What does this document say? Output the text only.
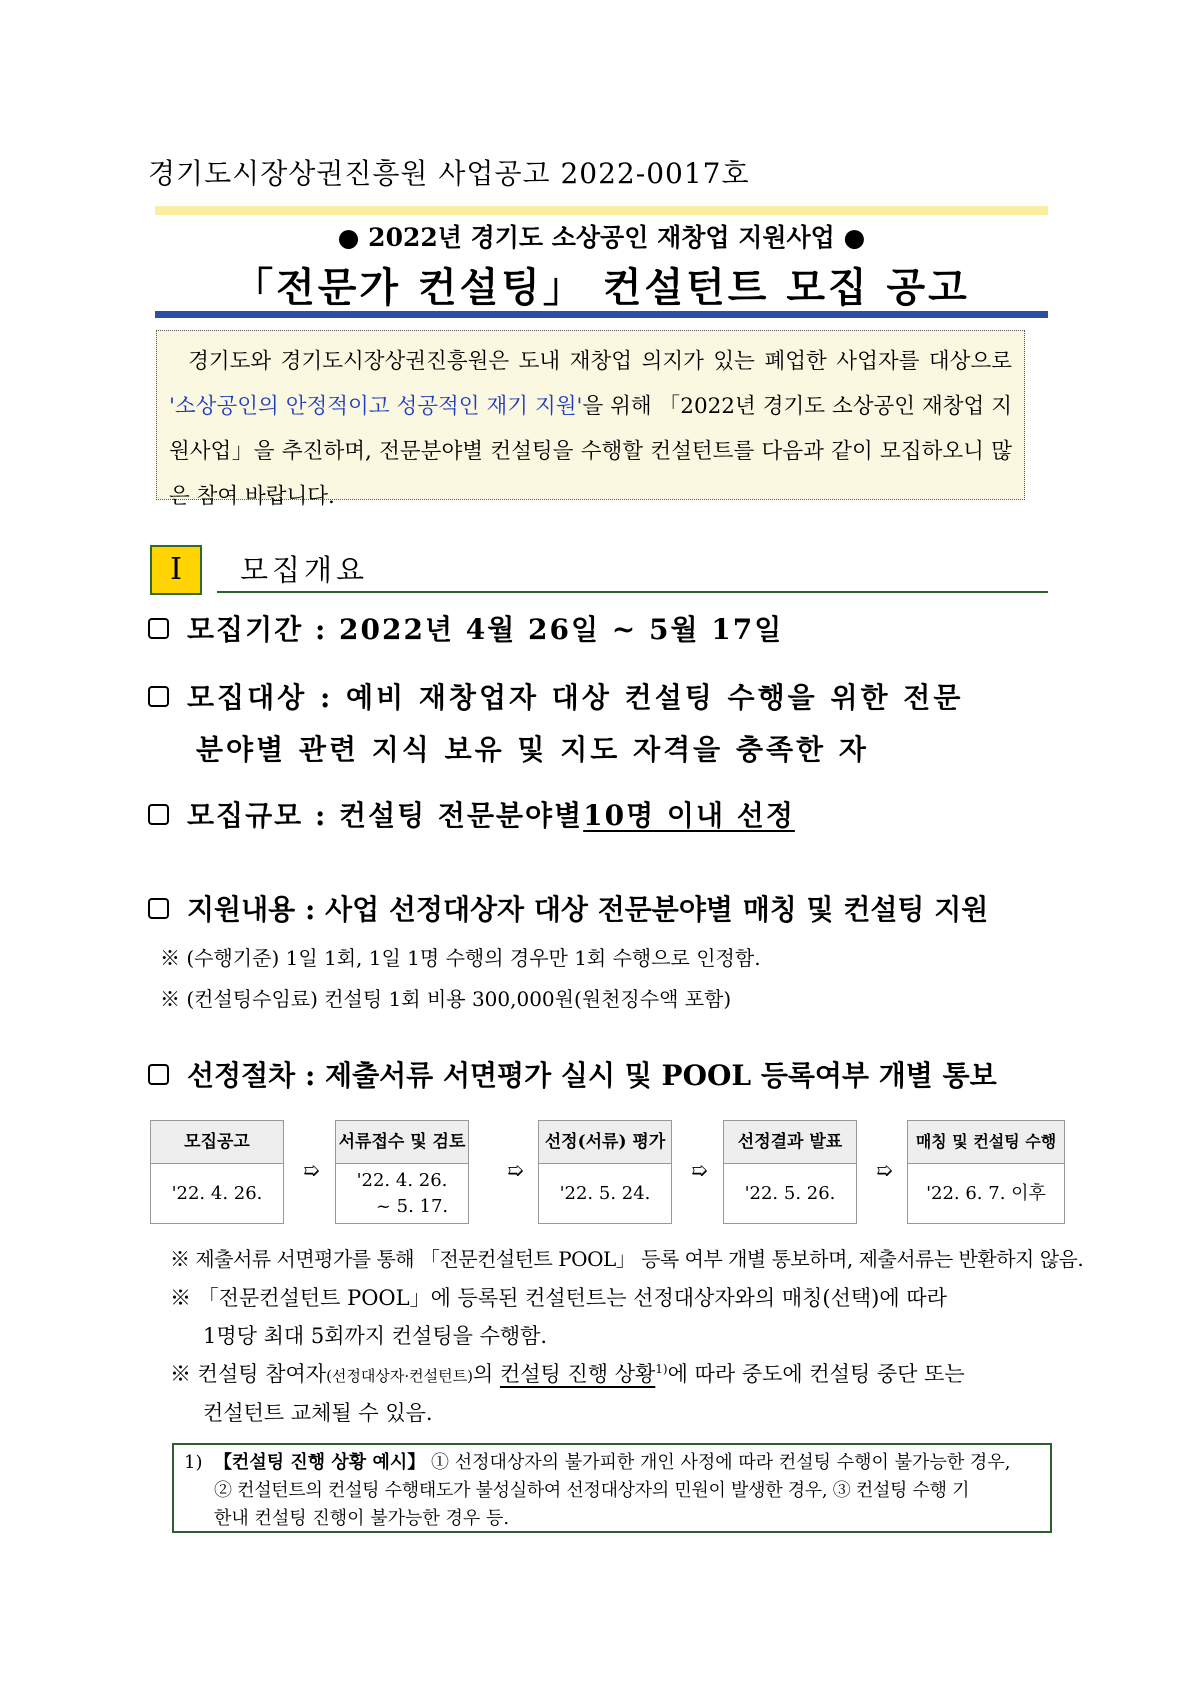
경기도시장상권진흥원 사업공고 2022-0017호
● 2022년 경기도 소상공인 재창업 지원사업 ●
「전문가 컨설팅」 컨설턴트 모집 공고
경기도와 경기도시장상권진흥원은 도내 재창업 의지가 있는 폐업한 사업자를 대상으로 '소상공인의 안정적이고 성공적인 재기 지원'을 위해 「2022년 경기도 소상공인 재창업 지원사업」을 추진하며, 전문분야별 컨설팅을 수행할 컨설턴트를 다음과 같이 모집하오니 많은 참여 바랍니다.
Ⅰ	모집개요
모집기간 : 2022년 4월 26일 ~ 5월 17일
모집대상 : 예비 재창업자 대상 컨설팅 수행을 위한 전문
분야별 관련 지식 보유 및 지도 자격을 충족한 자
모집규모 : 컨설팅 전문분야별 10명 이내 선정
지원내용 : 사업 선정대상자 대상 전문분야별 매칭 및 컨설팅 지원
※ (수행기준) 1일 1회, 1일 1명 수행의 경우만 1회 수행으로 인정함.
※ (컨설팅수임료) 컨설팅 1회 비용 300,000원(원천징수액 포함)
선정절차 : 제출서류 서면평가 실시 및 POOL 등록여부 개별 통보
모집공고
'22. 4. 26.
➯
서류접수 및 검토
'22. 4. 26.
~ 5. 17.
➯
선정(서류) 평가
'22. 5. 24.
➯
선정결과 발표
'22. 5. 26.
➯
매칭 및 컨설팅 수행
'22. 6. 7. 이후
※ 제출서류 서면평가를 통해 「전문컨설턴트 POOL」 등록 여부 개별 통보하며, 제출서류는 반환하지 않음.
※ 「전문컨설턴트 POOL」에 등록된 컨설턴트는 선정대상자와의 매칭(선택)에 따라
1명당 최대 5회까지 컨설팅을 수행함.
※ 컨설팅 참여자(선정대상자·컨설턴트)의 컨설팅 진행 상황$^{1)}$에 따라 중도에 컨설팅 중단 또는
컨설턴트 교체될 수 있음.
1) 【컨설팅 진행 상황 예시】 ① 선정대상자의 불가피한 개인 사정에 따라 컨설팅 수행이 불가능한 경우,
② 컨설턴트의 컨설팅 수행태도가 불성실하여 선정대상자의 민원이 발생한 경우, ③ 컨설팅 수행 기
한내 컨설팅 진행이 불가능한 경우 등.
